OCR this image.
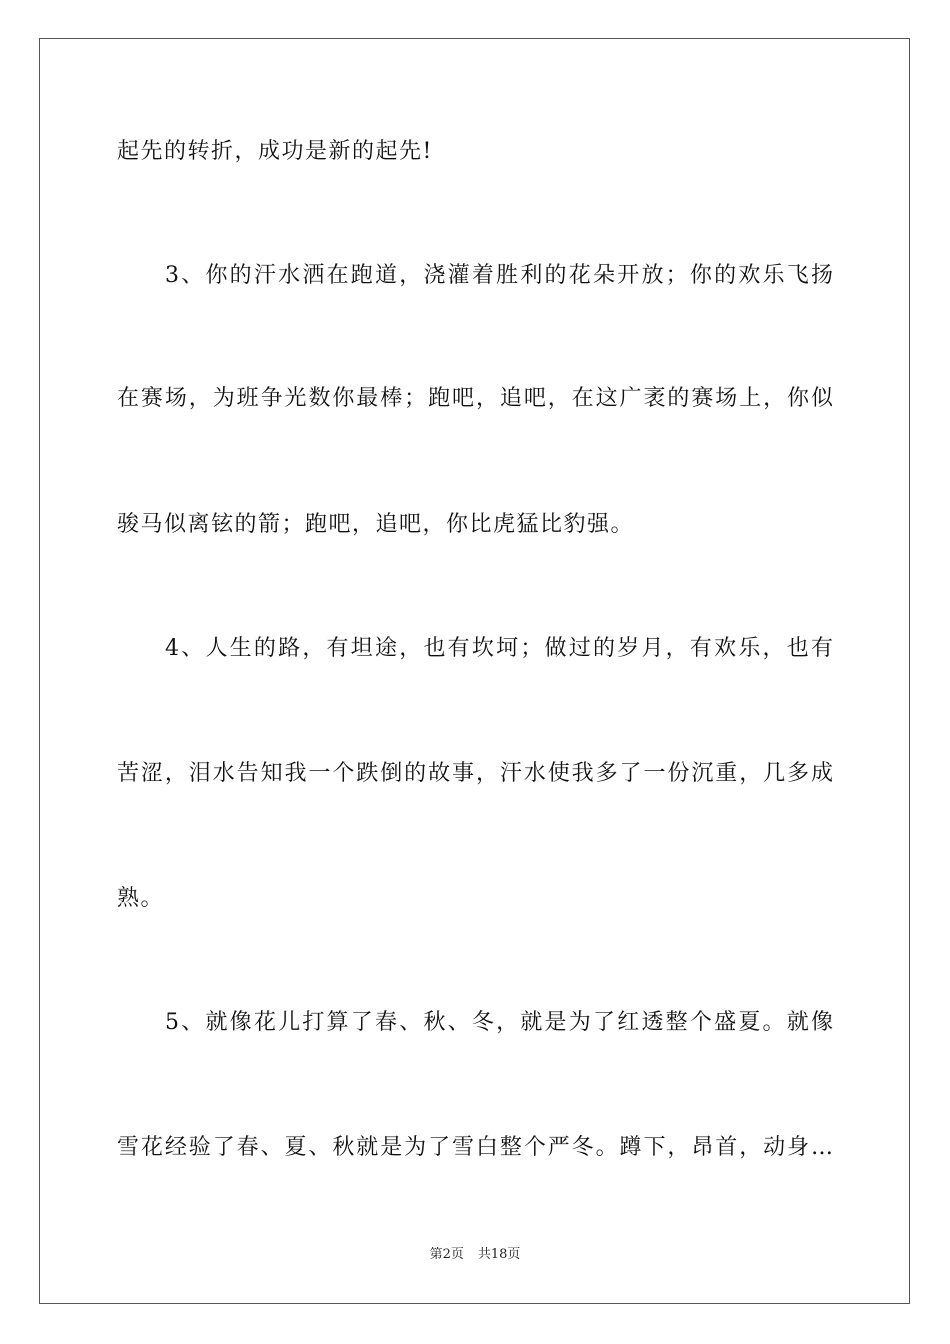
起先的转折，成功是新的起先!
3、你的汗水洒在跑道，浇灌着胜利的花朵开放；你的欢乐飞扬
在赛场，为班争光数你最棒；跑吧，追吧，在这广袤的赛场上，你似
骏马似离铉的箭；跑吧，追吧，你比虎猛比豹强。
4、人生的路，有坦途，也有坎坷；做过的岁月，有欢乐，也有
苦涩，泪水告知我一个跌倒的故事，汗水使我多了一份沉重，几多成
熟。
5、就像花儿打算了春、秋、冬，就是为了红透整个盛夏。就像
雪花经验了春、夏、秋就是为了雪白整个严冬。蹲下，昂首，动身…
第2页 共18页
